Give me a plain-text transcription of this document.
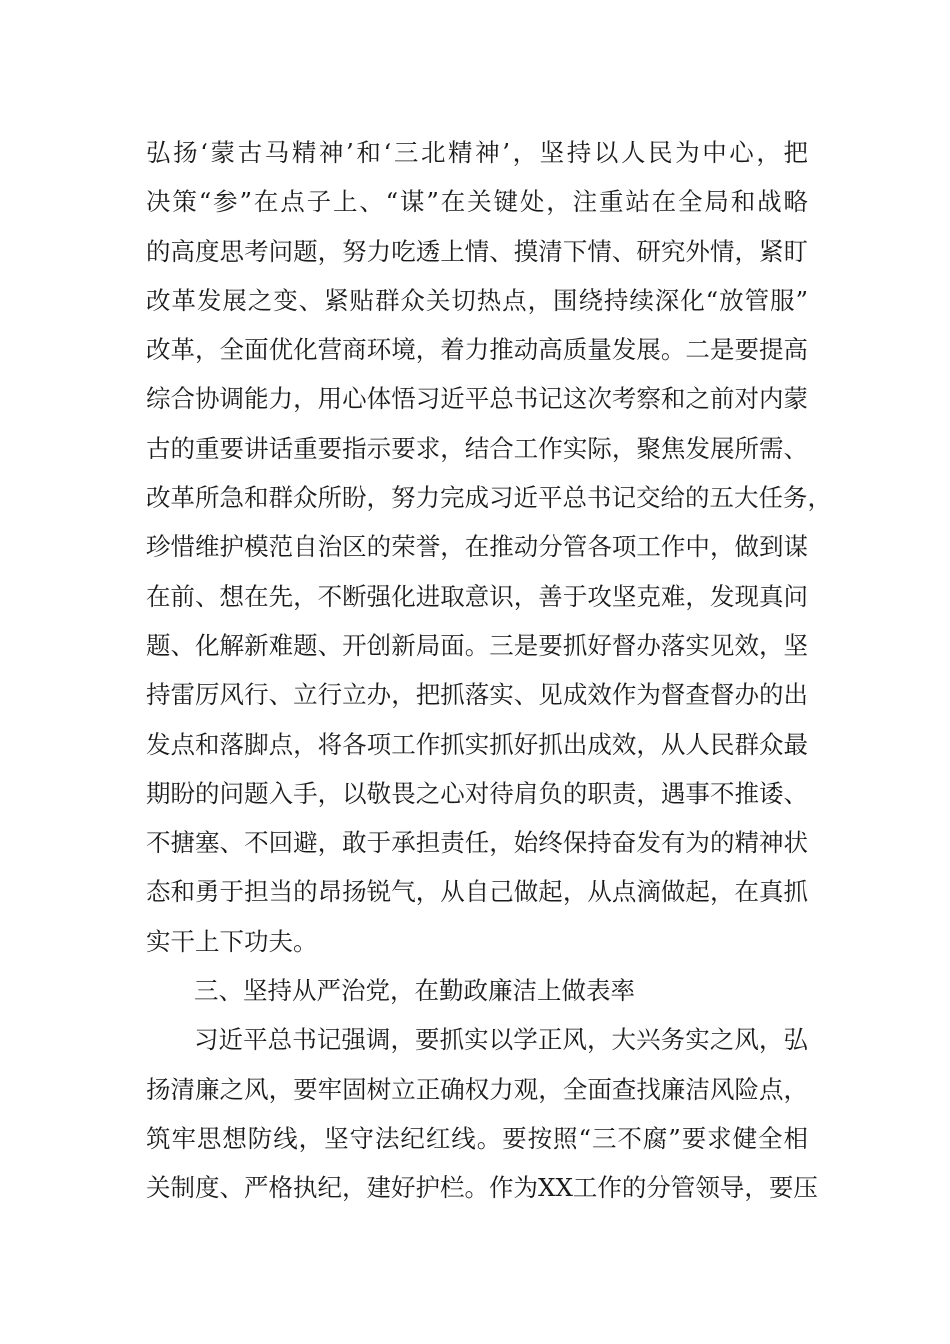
弘扬‘蒙古马精神’和‘三北精神’，坚持以人民为中心，把
决策“参”在点子上、“谋”在关键处，注重站在全局和战略
的高度思考问题，努力吃透上情、摸清下情、研究外情，紧盯
改革发展之变、紧贴群众关切热点，围绕持续深化“放管服”
改革，全面优化营商环境，着力推动高质量发展。二是要提高
综合协调能力，用心体悟习近平总书记这次考察和之前对内蒙
古的重要讲话重要指示要求，结合工作实际，聚焦发展所需、
改革所急和群众所盼，努力完成习近平总书记交给的五大任务，
珍惜维护模范自治区的荣誉，在推动分管各项工作中，做到谋
在前、想在先，不断强化进取意识，善于攻坚克难，发现真问
题、化解新难题、开创新局面。三是要抓好督办落实见效，坚
持雷厉风行、立行立办，把抓落实、见成效作为督查督办的出
发点和落脚点，将各项工作抓实抓好抓出成效，从人民群众最
期盼的问题入手，以敬畏之心对待肩负的职责，遇事不推诿、
不搪塞、不回避，敢于承担责任，始终保持奋发有为的精神状
态和勇于担当的昂扬锐气，从自己做起，从点滴做起，在真抓
实干上下功夫。
三、坚持从严治党，在勤政廉洁上做表率
习近平总书记强调，要抓实以学正风，大兴务实之风，弘
扬清廉之风，要牢固树立正确权力观，全面查找廉洁风险点，
筑牢思想防线，坚守法纪红线。要按照“三不腐”要求健全相
关制度、严格执纪，建好护栏。作为XX工作的分管领导，要压
